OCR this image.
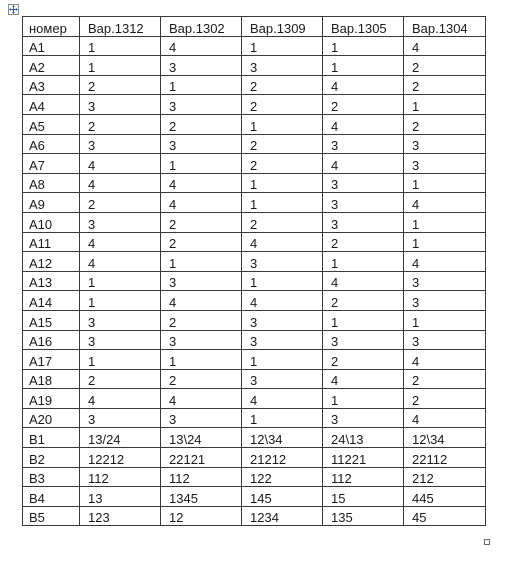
номер	Вар.1312	Вар.1302	Вар.1309	Вар.1305	Вар.1304
А1	1	4	1	1	4
А2	1	3	3	1	2
А3	2	1	2	4	2
А4	3	3	2	2	1
А5	2	2	1	4	2
А6	3	3	2	3	3
А7	4	1	2	4	3
А8	4	4	1	3	1
А9	2	4	1	3	4
А10	3	2	2	3	1
А11	4	2	4	2	1
А12	4	1	3	1	4
А13	1	3	1	4	3
А14	1	4	4	2	3
А15	3	2	3	1	1
А16	3	3	3	3	3
А17	1	1	1	2	4
А18	2	2	3	4	2
А19	4	4	4	1	2
А20	3	3	1	3	4
В1	13/24	13\24	12\34	24\13	12\34
В2	12212	22121	21212	11221	22112
В3	112	112	122	112	212
В4	13	1345	145	15	445
В5	123	12	1234	135	45
